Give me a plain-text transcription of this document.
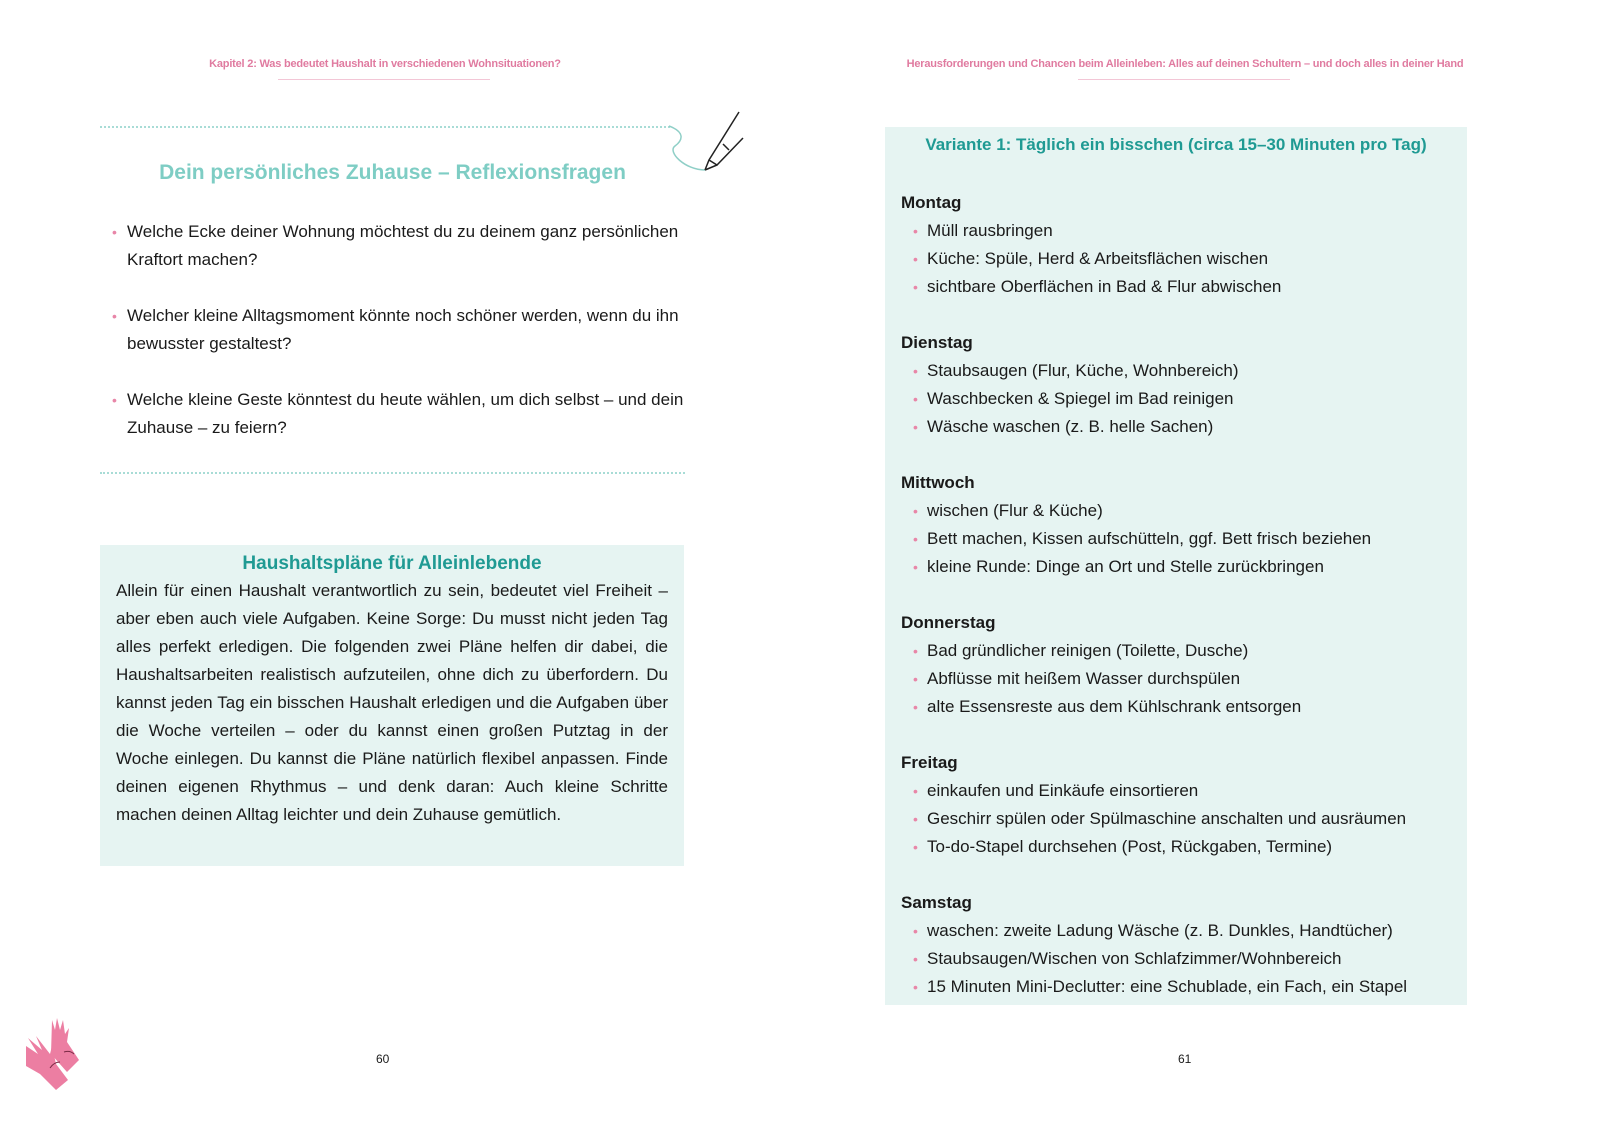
Kapitel 2: Was bedeutet Haushalt in verschiedenen Wohnsituationen?	Herausforderungen und Chancen beim Alleinleben: Alles auf deinen Schultern – und doch alles in deiner Hand
Dein persönliches Zuhause – Reflexionsfragen
• Welche Ecke deiner Wohnung möchtest du zu deinem ganz persönlichen Kraftort machen?
• Welcher kleine Alltagsmoment könnte noch schöner werden, wenn du ihn bewusster gestaltest?
• Welche kleine Geste könntest du heute wählen, um dich selbst – und dein Zuhause – zu feiern?
Haushaltspläne für Alleinlebende
Allein für einen Haushalt verantwortlich zu sein, bedeutet viel Freiheit – aber eben auch viele Aufgaben. Keine Sorge: Du musst nicht jeden Tag alles perfekt erledigen. Die folgenden zwei Pläne helfen dir dabei, die Haushaltsarbeiten realistisch aufzuteilen, ohne dich zu überfordern. Du kannst jeden Tag ein bisschen Haushalt erledigen und die Aufgaben über die Woche verteilen – oder du kannst einen großen Putztag in der Woche einlegen. Du kannst die Pläne natürlich flexibel anpassen. Finde deinen eigenen Rhythmus – und denk daran: Auch kleine Schritte machen deinen Alltag leichter und dein Zuhause gemütlich.
60
Variante 1: Täglich ein bisschen (circa 15–30 Minuten pro Tag)
Montag
• Müll rausbringen
• Küche: Spüle, Herd & Arbeitsflächen wischen
• sichtbare Oberflächen in Bad & Flur abwischen
Dienstag
• Staubsaugen (Flur, Küche, Wohnbereich)
• Waschbecken & Spiegel im Bad reinigen
• Wäsche waschen (z. B. helle Sachen)
Mittwoch
• wischen (Flur & Küche)
• Bett machen, Kissen aufschütteln, ggf. Bett frisch beziehen
• kleine Runde: Dinge an Ort und Stelle zurückbringen
Donnerstag
• Bad gründlicher reinigen (Toilette, Dusche)
• Abflüsse mit heißem Wasser durchspülen
• alte Essensreste aus dem Kühlschrank entsorgen
Freitag
• einkaufen und Einkäufe einsortieren
• Geschirr spülen oder Spülmaschine anschalten und ausräumen
• To-do-Stapel durchsehen (Post, Rückgaben, Termine)
Samstag
• waschen: zweite Ladung Wäsche (z. B. Dunkles, Handtücher)
• Staubsaugen/Wischen von Schlafzimmer/Wohnbereich
• 15 Minuten Mini-Declutter: eine Schublade, ein Fach, ein Stapel
61
